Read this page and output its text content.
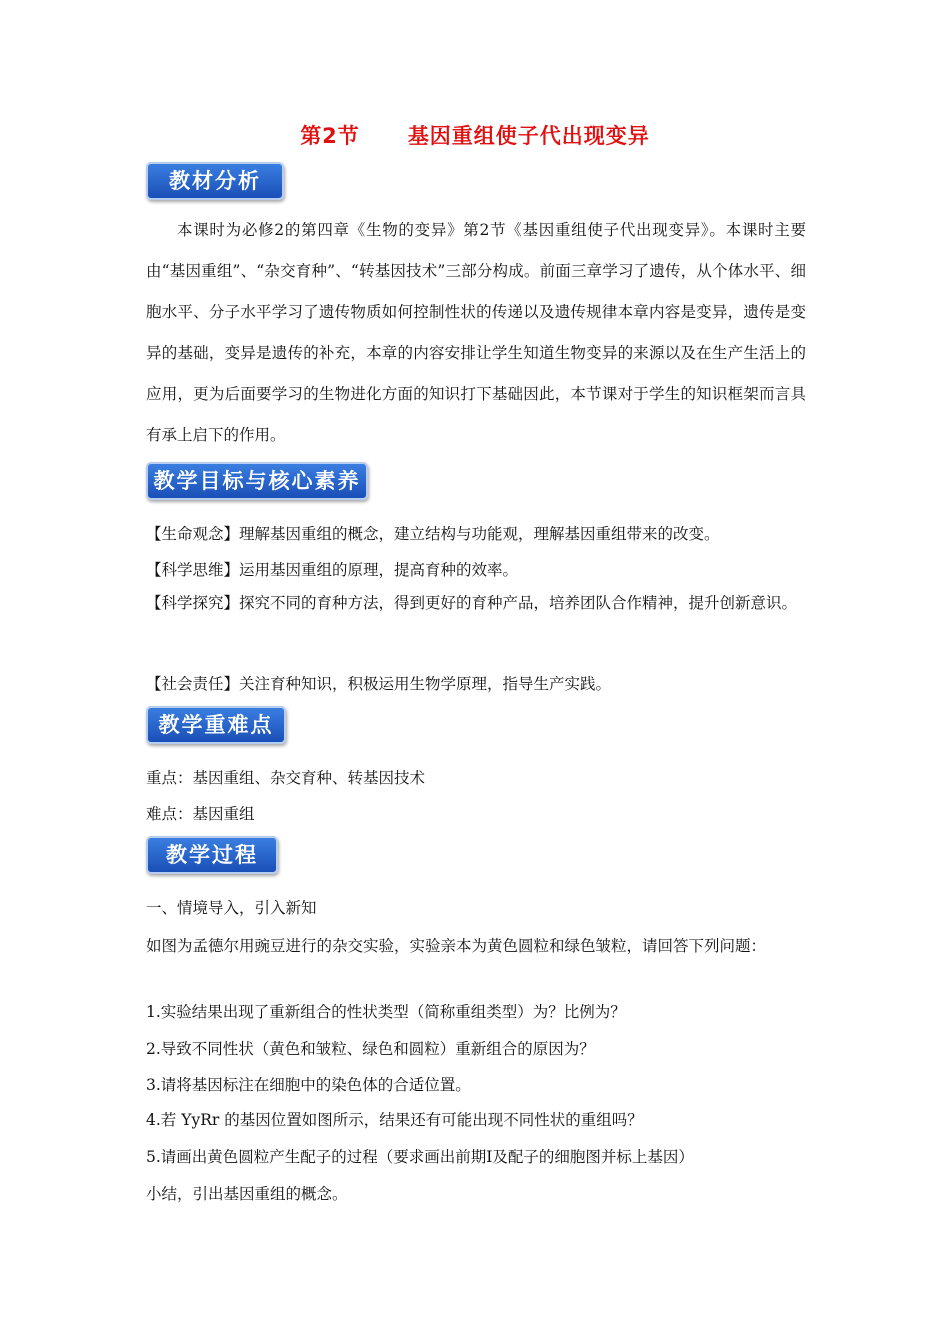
第2节 基因重组使子代出现变异
教材分析
本课时为必修2的第四章《生物的变异》第2节《基因重组使子代出现变异》。本课时主要由“基因重组”、“杂交育种”、“转基因技术”三部分构成。前面三章学习了遗传，从个体水平、细胞水平、分子水平学习了遗传物质如何控制性状的传递以及遗传规律本章内容是变异，遗传是变异的基础，变异是遗传的补充，本章的内容安排让学生知道生物变异的来源以及在生产生活上的应用，更为后面要学习的生物进化方面的知识打下基础因此，本节课对于学生的知识框架而言具有承上启下的作用。
教学目标与核心素养
【生命观念】理解基因重组的概念，建立结构与功能观，理解基因重组带来的改变。
【科学思维】运用基因重组的原理，提高育种的效率。
【科学探究】探究不同的育种方法，得到更好的育种产品，培养团队合作精神，提升创新意识。
【社会责任】关注育种知识，积极运用生物学原理，指导生产实践。
教学重难点
重点：基因重组、杂交育种、转基因技术
难点：基因重组
教学过程
一、情境导入，引入新知
如图为孟德尔用豌豆进行的杂交实验，实验亲本为黄色圆粒和绿色皱粒，请回答下列问题：
1.实验结果出现了重新组合的性状类型（简称重组类型）为？比例为？
2.导致不同性状（黄色和皱粒、绿色和圆粒）重新组合的原因为？
3.请将基因标注在细胞中的染色体的合适位置。
4.若 YyRr 的基因位置如图所示，结果还有可能出现不同性状的重组吗？
5.请画出黄色圆粒产生配子的过程（要求画出前期Ⅰ及配子的细胞图并标上基因）
小结，引出基因重组的概念。
